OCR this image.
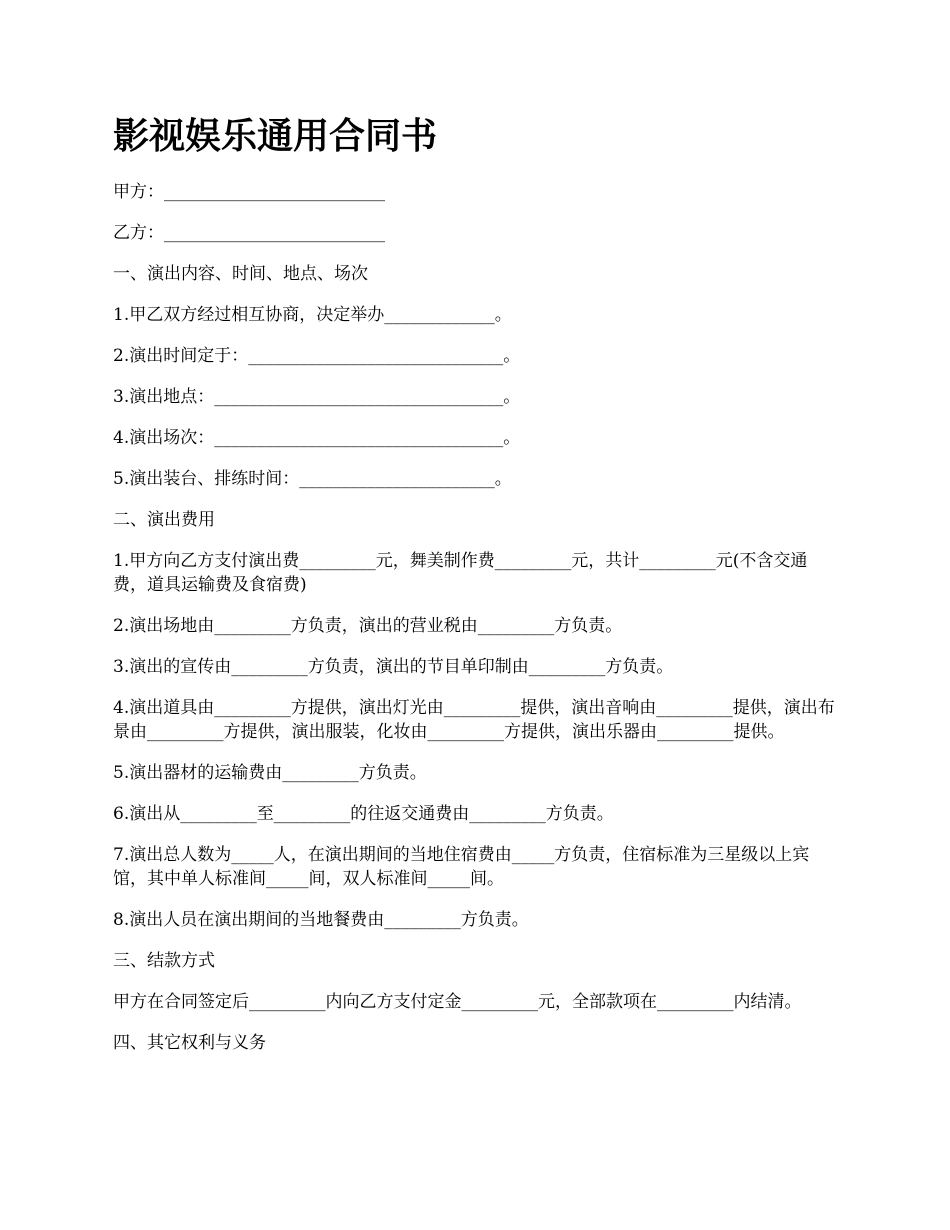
影视娱乐通用合同书

甲方：__________________________

乙方：__________________________

一、演出内容、时间、地点、场次

1.甲乙双方经过相互协商，决定举办_____________。

2.演出时间定于：______________________________。

3.演出地点：__________________________________。

4.演出场次：__________________________________。

5.演出装台、排练时间：_______________________。

二、演出费用

1.甲方向乙方支付演出费_________元，舞美制作费_________元，共计_________元(不含交通费，道具运输费及食宿费)

2.演出场地由_________方负责，演出的营业税由_________方负责。

3.演出的宣传由_________方负责，演出的节目单印制由_________方负责。

4.演出道具由_________方提供，演出灯光由_________提供，演出音响由_________提供，演出布景由_________方提供，演出服装，化妆由_________方提供，演出乐器由_________提供。

5.演出器材的运输费由_________方负责。

6.演出从_________至_________的往返交通费由_________方负责。

7.演出总人数为_____人，在演出期间的当地住宿费由_____方负责，住宿标准为三星级以上宾馆，其中单人标准间_____间，双人标准间_____间。

8.演出人员在演出期间的当地餐费由_________方负责。

三、结款方式

甲方在合同签定后_________内向乙方支付定金_________元，全部款项在_________内结清。

四、其它权利与义务
